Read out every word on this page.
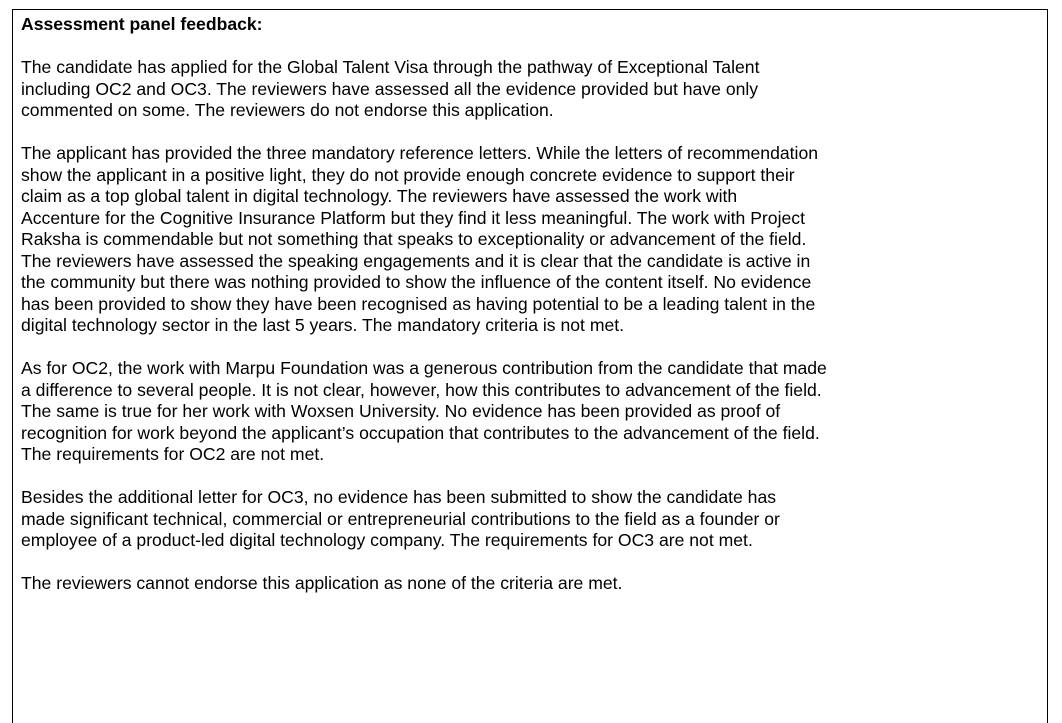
Assessment panel feedback:
The candidate has applied for the Global Talent Visa through the pathway of Exceptional Talent
including OC2 and OC3. The reviewers have assessed all the evidence provided but have only
commented on some. The reviewers do not endorse this application.
The applicant has provided the three mandatory reference letters. While the letters of recommendation
show the applicant in a positive light, they do not provide enough concrete evidence to support their
claim as a top global talent in digital technology. The reviewers have assessed the work with
Accenture for the Cognitive Insurance Platform but they find it less meaningful. The work with Project
Raksha is commendable but not something that speaks to exceptionality or advancement of the field.
The reviewers have assessed the speaking engagements and it is clear that the candidate is active in
the community but there was nothing provided to show the influence of the content itself. No evidence
has been provided to show they have been recognised as having potential to be a leading talent in the
digital technology sector in the last 5 years. The mandatory criteria is not met.
As for OC2, the work with Marpu Foundation was a generous contribution from the candidate that made
a difference to several people. It is not clear, however, how this contributes to advancement of the field.
The same is true for her work with Woxsen University. No evidence has been provided as proof of
recognition for work beyond the applicant’s occupation that contributes to the advancement of the field.
The requirements for OC2 are not met.
Besides the additional letter for OC3, no evidence has been submitted to show the candidate has
made significant technical, commercial or entrepreneurial contributions to the field as a founder or
employee of a product-led digital technology company. The requirements for OC3 are not met.
The reviewers cannot endorse this application as none of the criteria are met.
